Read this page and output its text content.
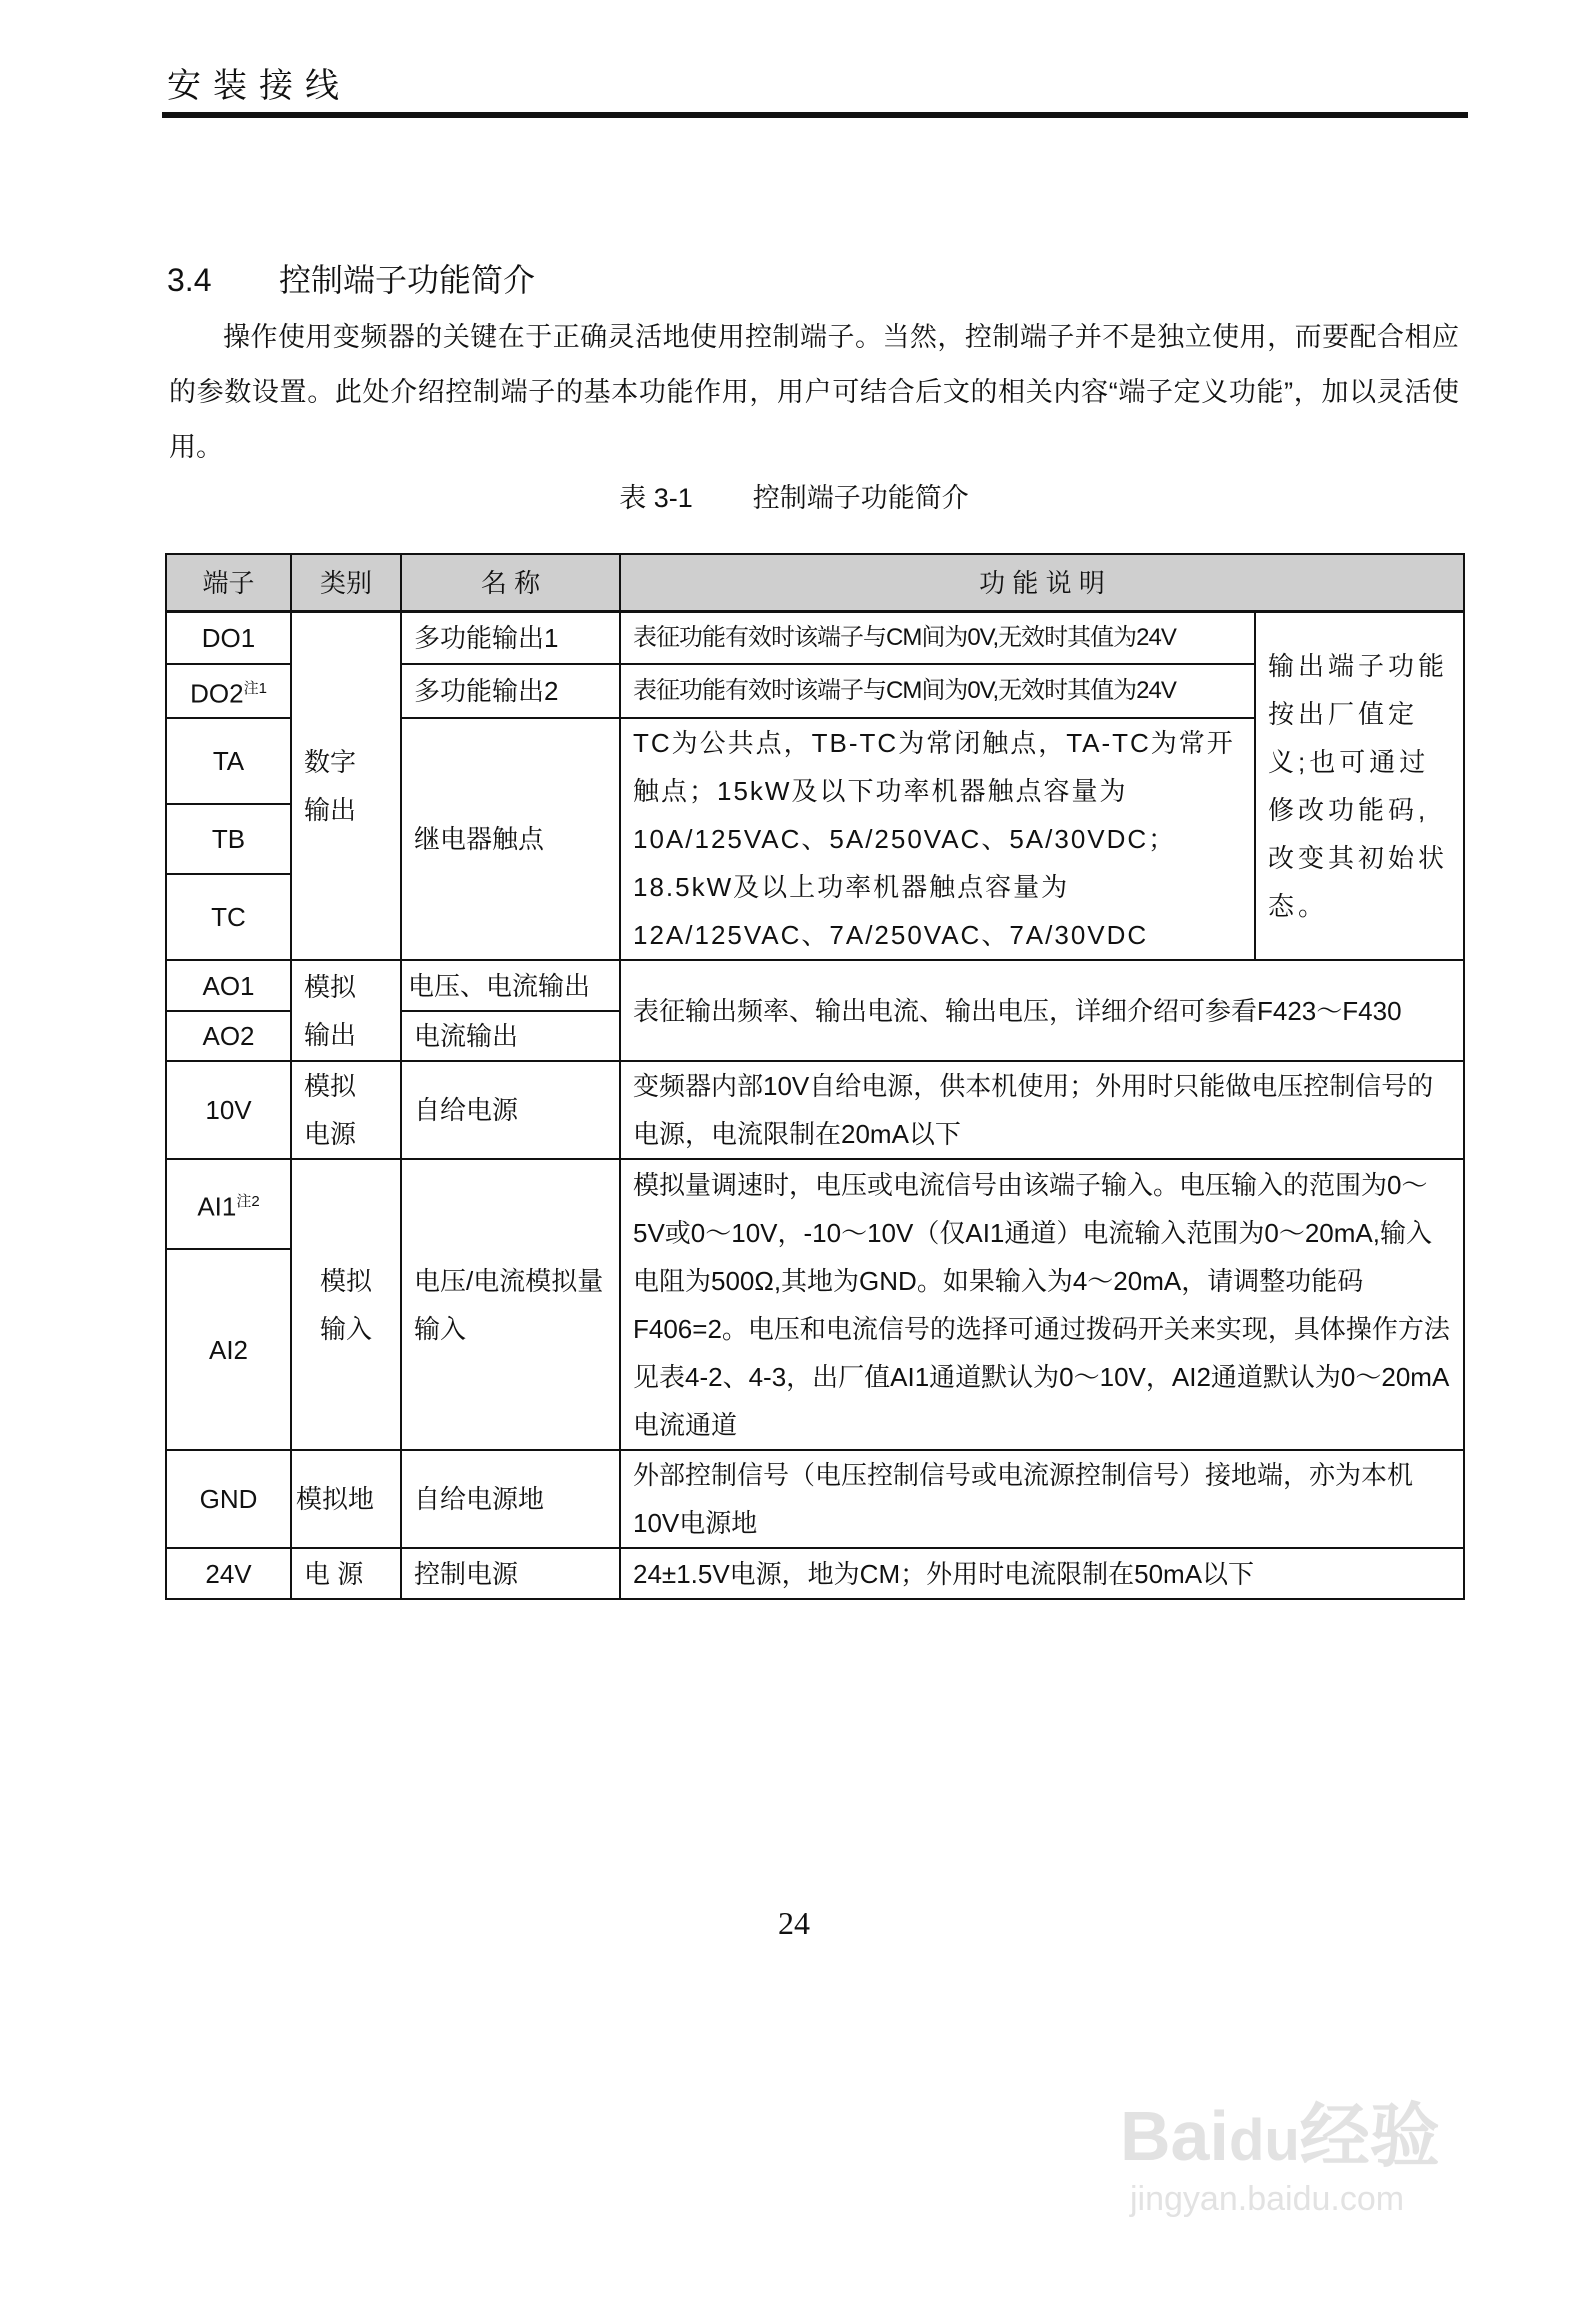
安装接线
3.4 控制端子功能简介
操作使用变频器的关键在于正确灵活地使用控制端子。当然，控制端子并不是独立使用，而要配合相应的参数设置。此处介绍控制端子的基本功能作用，用户可结合后文的相关内容“端子定义功能”，加以灵活使用。
表 3-1 控制端子功能简介
端子	类别	名 称	功 能 说 明	
DO1	数字输出	多功能输出1	表征功能有效时该端子与CM间为0V,无效时其值为24V	输出端子功能按出厂值定义;也可通过修改功能码,改变其初始状态。
DO2$^{注1}$		多功能输出2	表征功能有效时该端子与CM间为0V,无效时其值为24V	
TA		继电器触点	TC为公共点，TB-TC为常闭触点，TA-TC为常开触点；15kW及以下功率机器触点容量为10A/125VAC、5A/250VAC、5A/30VDC；18.5kW及以上功率机器触点容量为 12A/125VAC、7A/250VAC、7A/30VDC	
TB				
TC				
AO1	模拟输出	电压、电流输出	表征输出频率、输出电流、输出电压，详细介绍可参看F423～F430	
AO2		电流输出		
10V	模拟电源	自给电源	变频器内部10V自给电源，供本机使用；外用时只能做电压控制信号的电源，电流限制在20mA以下	
AI1$^{注2}$	模拟输入	电压/电流模拟量输入	模拟量调速时，电压或电流信号由该端子输入。电压输入的范围为0～5V或0～10V，-10～10V（仅AI1通道）电流输入范围为0～20mA,输入电阻为500Ω,其地为GND。如果输入为4～20mA，请调整功能码F406=2。电压和电流信号的选择可通过拨码开关来实现，具体操作方法见表4-2、4-3，出厂值AI1通道默认为0～10V，AI2通道默认为0～20mA电流通道	
AI2				
GND	模拟地	自给电源地	外部控制信号（电压控制信号或电流源控制信号）接地端，亦为本机10V电源地	
24V	电 源	控制电源	24±1.5V电源，地为CM；外用时电流限制在50mA以下	
24
Baidu经验
jingyan.baidu.com
